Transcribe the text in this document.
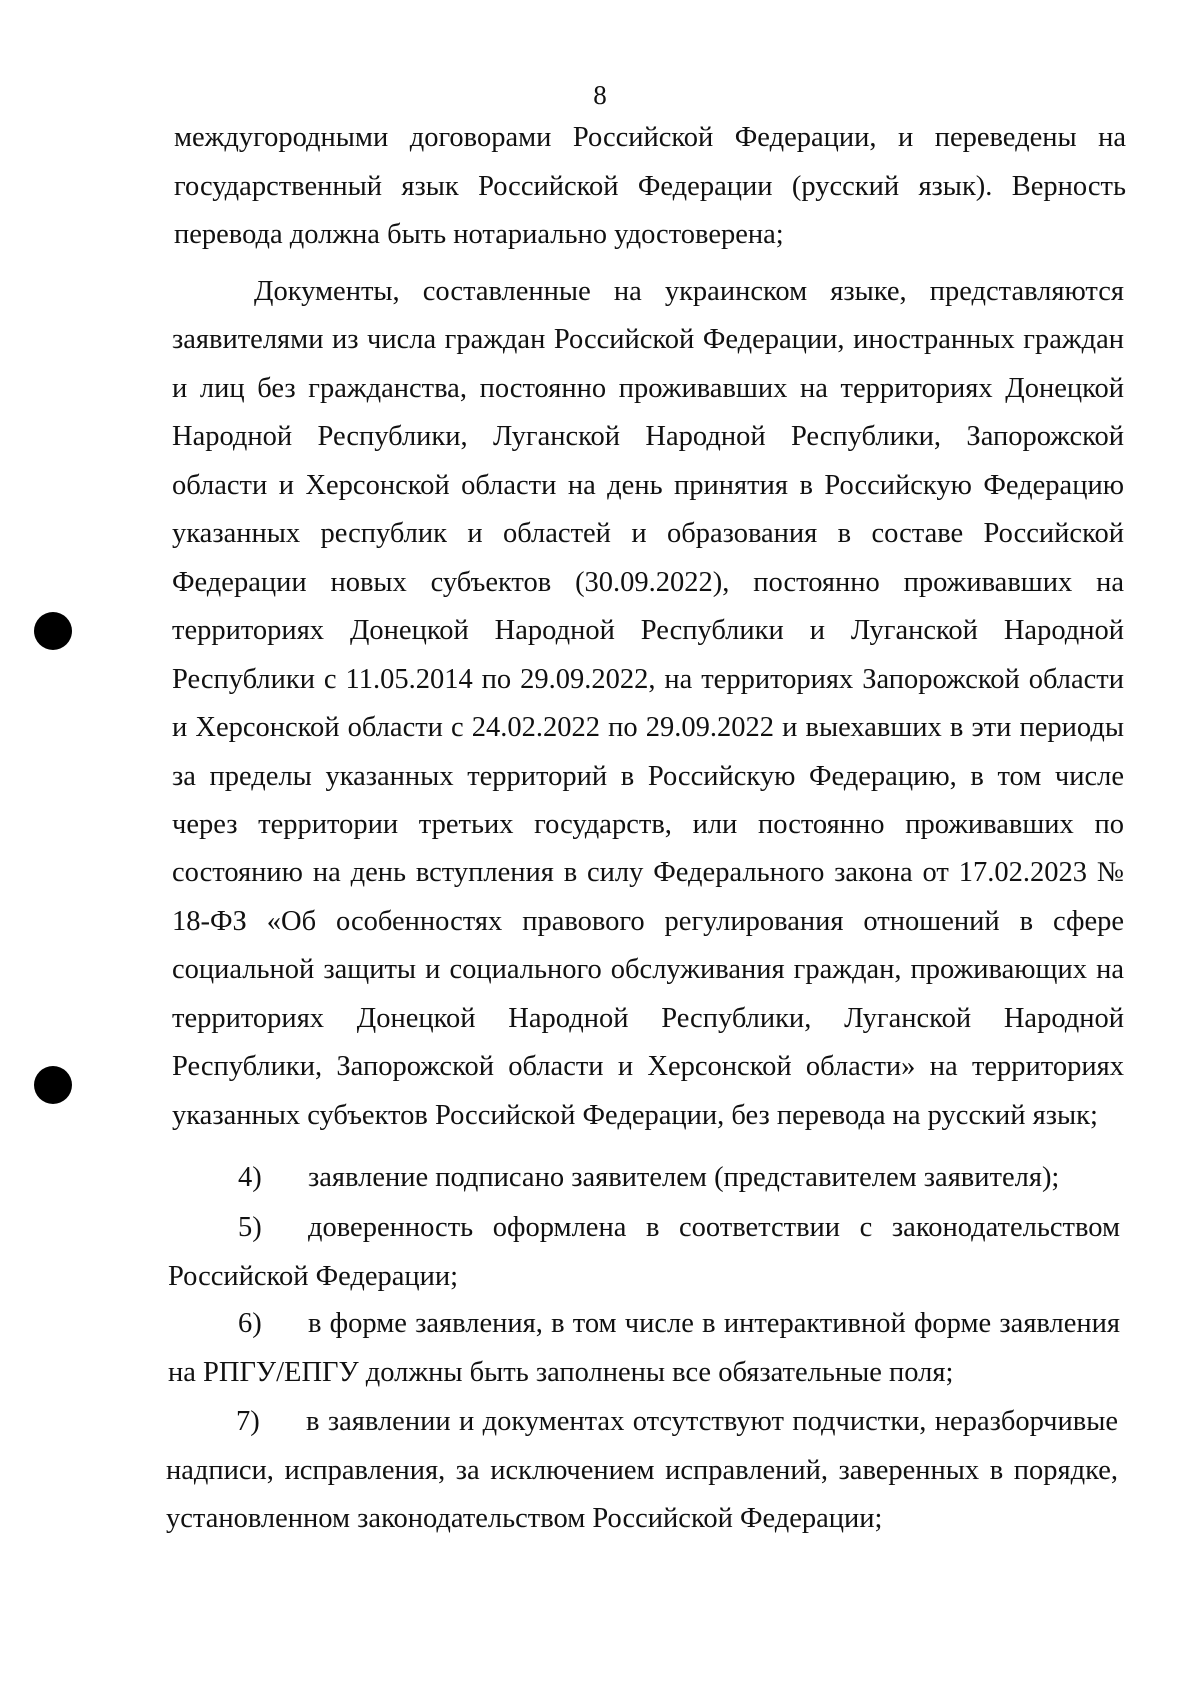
8

междугородными договорами Российской Федерации, и переведены на государственный язык Российской Федерации (русский язык). Верность перевода должна быть нотариально удостоверена;

Документы, составленные на украинском языке, представляются заявителями из числа граждан Российской Федерации, иностранных граждан и лиц без гражданства, постоянно проживавших на территориях Донецкой Народной Республики, Луганской Народной Республики, Запорожской области и Херсонской области на день принятия в Российскую Федерацию указанных республик и областей и образования в составе Российской Федерации новых субъектов (30.09.2022), постоянно проживавших на территориях Донецкой Народной Республики и Луганской Народной Республики с 11.05.2014 по 29.09.2022, на территориях Запорожской области и Херсонской области с 24.02.2022 по 29.09.2022 и выехавших в эти периоды за пределы указанных территорий в Российскую Федерацию, в том числе через территории третьих государств, или постоянно проживавших по состоянию на день вступления в силу Федерального закона от 17.02.2023 № 18-ФЗ «Об особенностях правового регулирования отношений в сфере социальной защиты и социального обслуживания граждан, проживающих на территориях Донецкой Народной Республики, Луганской Народной Республики, Запорожской области и Херсонской области» на территориях указанных субъектов Российской Федерации, без перевода на русский язык;

4) заявление подписано заявителем (представителем заявителя);

5) доверенность оформлена в соответствии с законодательством Российской Федерации;

6) в форме заявления, в том числе в интерактивной форме заявления на РПГУ/ЕПГУ должны быть заполнены все обязательные поля;

7) в заявлении и документах отсутствуют подчистки, неразборчивые надписи, исправления, за исключением исправлений, заверенных в порядке, установленном законодательством Российской Федерации;
